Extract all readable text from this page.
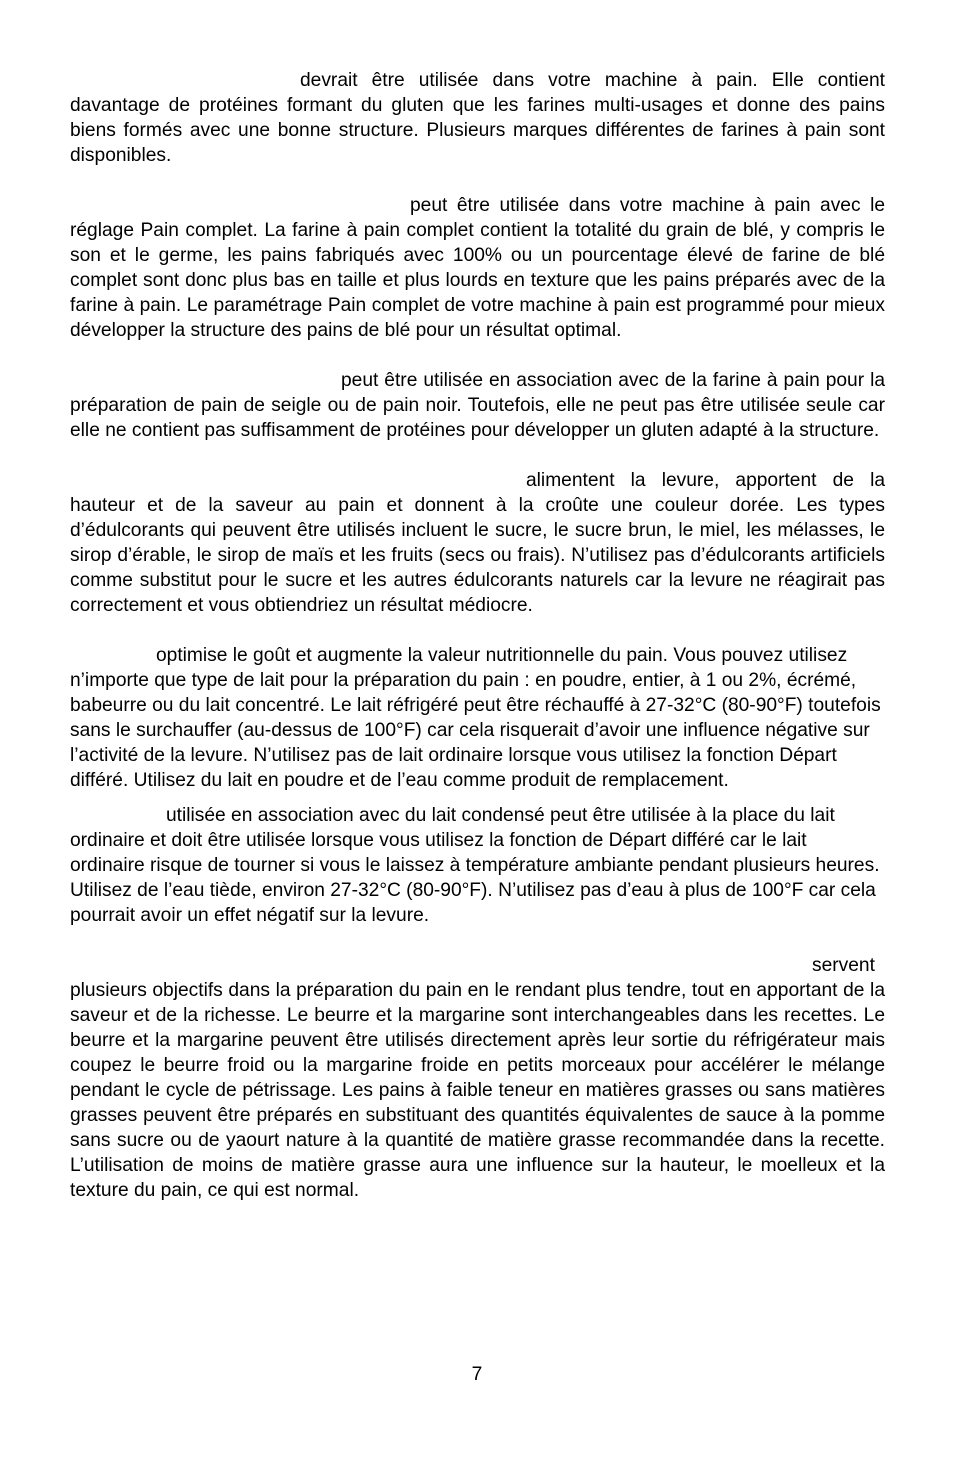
devrait être utilisée dans votre machine à pain. Elle contient davantage de protéines formant du gluten que les farines multi-usages et donne des pains biens formés avec une bonne structure. Plusieurs marques différentes de farines à pain sont disponibles.

peut être utilisée dans votre machine à pain avec le réglage Pain complet. La farine à pain complet contient la totalité du grain de blé, y compris le son et le germe, les pains fabriqués avec 100% ou un pourcentage élevé de farine de blé complet sont donc plus bas en taille et plus lourds en texture que les pains préparés avec de la farine à pain. Le paramétrage Pain complet de votre machine à pain est programmé pour mieux développer la structure des pains de blé pour un résultat optimal.

peut être utilisée en association avec de la farine à pain pour la préparation de pain de seigle ou de pain noir. Toutefois, elle ne peut pas être utilisée seule car elle ne contient pas suffisamment de protéines pour développer un gluten adapté à la structure.

alimentent la levure, apportent de la hauteur et de la saveur au pain et donnent à la croûte une couleur dorée. Les types d’édulcorants qui peuvent être utilisés incluent le sucre, le sucre brun, le miel, les mélasses, le sirop d’érable, le sirop de maïs et les fruits (secs ou frais). N’utilisez pas d’édulcorants artificiels comme substitut pour le sucre et les autres édulcorants naturels car la levure ne réagirait pas correctement et vous obtiendriez un résultat médiocre.

optimise le goût et augmente la valeur nutritionnelle du pain. Vous pouvez utilisez n’importe que type de lait pour la préparation du pain : en poudre, entier, à 1 ou 2%, écrémé, babeurre ou du lait concentré. Le lait réfrigéré peut être réchauffé à 27-32°C (80-90°F) toutefois sans le surchauffer (au-dessus de 100°F) car cela risquerait d’avoir une influence négative sur l’activité de la levure. N’utilisez pas de lait ordinaire lorsque vous utilisez la fonction Départ différé. Utilisez du lait en poudre et de l’eau comme produit de remplacement.

utilisée en association avec du lait condensé peut être utilisée à la place du lait ordinaire et doit être utilisée lorsque vous utilisez la fonction de Départ différé car le lait ordinaire risque de tourner si vous le laissez à température ambiante pendant plusieurs heures. Utilisez de l’eau tiède, environ 27-32°C (80-90°F). N’utilisez pas d’eau à plus de 100°F car cela pourrait avoir un effet négatif sur la levure.

servent plusieurs objectifs dans la préparation du pain en le rendant plus tendre, tout en apportant de la saveur et de la richesse. Le beurre et la margarine sont interchangeables dans les recettes. Le beurre et la margarine peuvent être utilisés directement après leur sortie du réfrigérateur mais coupez le beurre froid ou la margarine froide en petits morceaux pour accélérer le mélange pendant le cycle de pétrissage. Les pains à faible teneur en matières grasses ou sans matières grasses peuvent être préparés en substituant des quantités équivalentes de sauce à la pomme sans sucre ou de yaourt nature à la quantité de matière grasse recommandée dans la recette. L’utilisation de moins de matière grasse aura une influence sur la hauteur, le moelleux et la texture du pain, ce qui est normal.

7
